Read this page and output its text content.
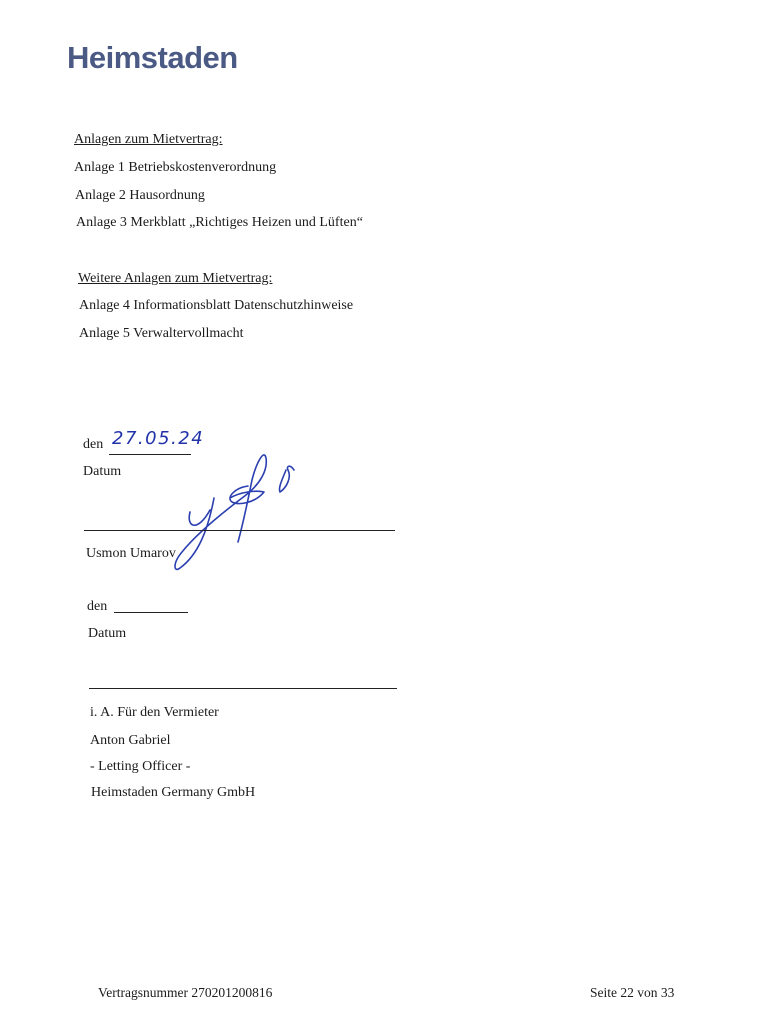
Heimstaden
Anlagen zum Mietvertrag:
Anlage 1 Betriebskostenverordnung
Anlage 2 Hausordnung
Anlage 3 Merkblatt „Richtiges Heizen und Lüften“
Weitere Anlagen zum Mietvertrag:
Anlage 4 Informationsblatt Datenschutzhinweise
Anlage 5 Verwaltervollmacht
den 27.05.24
Datum
Usmon Umarov
den
Datum
i. A. Für den Vermieter
Anton Gabriel
- Letting Officer -
Heimstaden Germany GmbH
Vertragsnummer 270201200816	Seite 22 von 33
